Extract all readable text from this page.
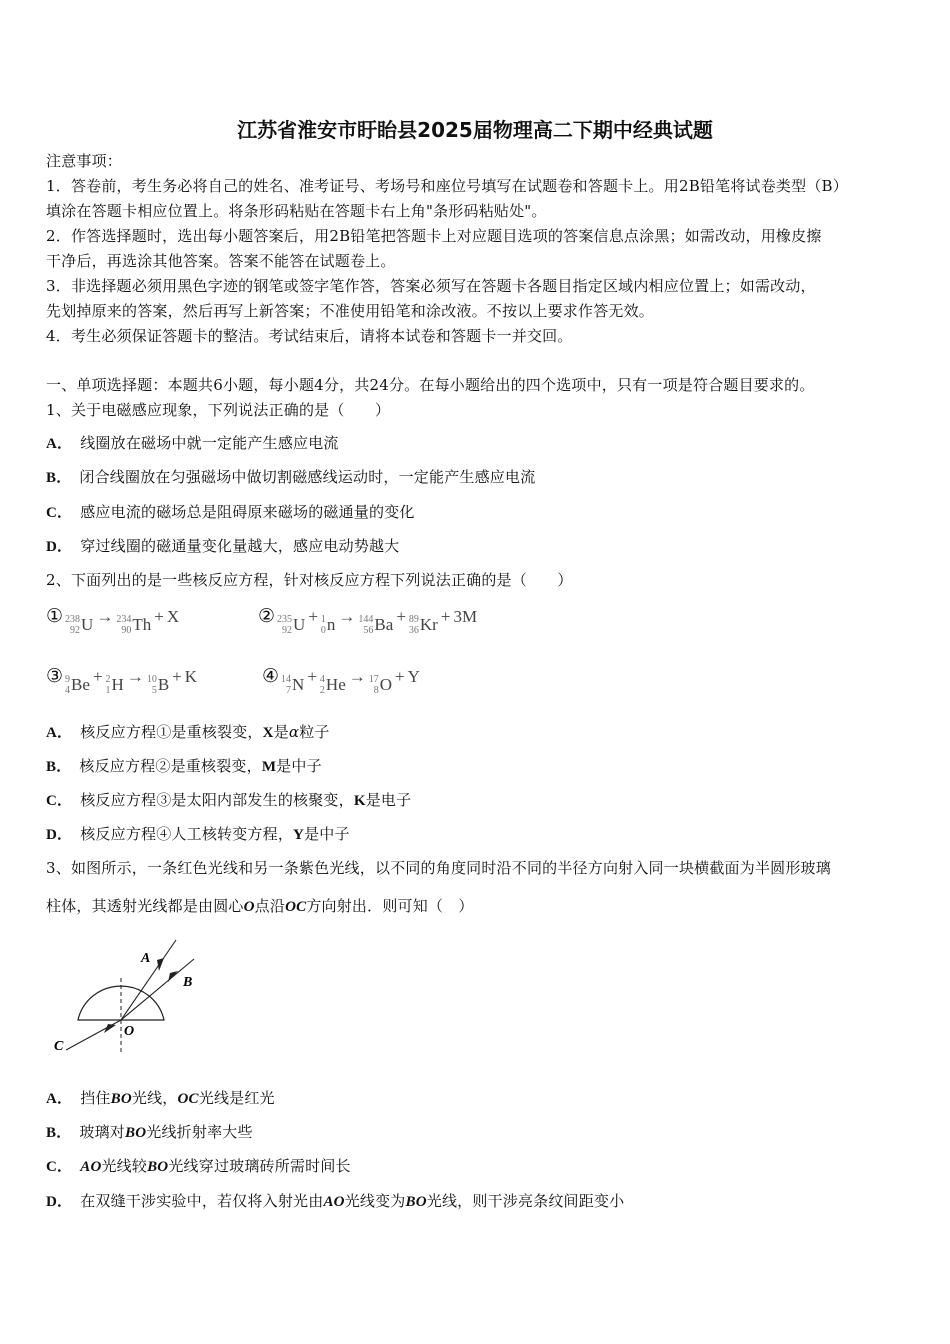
江苏省淮安市盱眙县2025届物理高二下期中经典试题
注意事项：
1．答卷前，考生务必将自己的姓名、准考证号、考场号和座位号填写在试题卷和答题卡上。用2B铅笔将试卷类型（B）
填涂在答题卡相应位置上。将条形码粘贴在答题卡右上角"条形码粘贴处"。
2．作答选择题时，选出每小题答案后，用2B铅笔把答题卡上对应题目选项的答案信息点涂黑；如需改动，用橡皮擦
干净后，再选涂其他答案。答案不能答在试题卷上。
3．非选择题必须用黑色字迹的钢笔或签字笔作答，答案必须写在答题卡各题目指定区域内相应位置上；如需改动，
先划掉原来的答案，然后再写上新答案；不准使用铅笔和涂改液。不按以上要求作答无效。
4．考生必须保证答题卡的整洁。考试结束后，请将本试卷和答题卡一并交回。
一、单项选择题：本题共6小题，每小题4分，共24分。在每小题给出的四个选项中，只有一项是符合题目要求的。
1、关于电磁感应现象，下列说法正确的是（　　）
A． 线圈放在磁场中就一定能产生感应电流
B． 闭合线圈放在匀强磁场中做切割磁感线运动时，一定能产生感应电流
C． 感应电流的磁场总是阻碍原来磁场的磁通量的变化
D． 穿过线圈的磁通量变化量越大，感应电动势越大
2、下面列出的是一些核反应方程，针对核反应方程下列说法正确的是（　　）
① 238
92 U → 234
90 Th + X	② 235
92 U + 1
0 n → 144
56 Ba + 89
36 Kr + 3M
③ 9
4 Be + 2
1 H → 10
5 B + K	④ 14
7 N + 4
2 He → 17
8 O + Y
A． 核反应方程①是重核裂变，X是α粒子
B． 核反应方程②是重核裂变，M是中子
C． 核反应方程③是太阳内部发生的核聚变，K是电子
D． 核反应方程④人工核转变方程，Y是中子
3、如图所示，一条红色光线和另一条紫色光线，以不同的角度同时沿不同的半径方向射入同一块横截面为半圆形玻璃
柱体，其透射光线都是由圆心O点沿OC方向射出．则可知（　）
A
B
C
O
A． 挡住BO光线，OC光线是红光
B． 玻璃对BO光线折射率大些
C． AO光线较BO光线穿过玻璃砖所需时间长
D． 在双缝干涉实验中，若仅将入射光由AO光线变为BO光线，则干涉亮条纹间距变小
